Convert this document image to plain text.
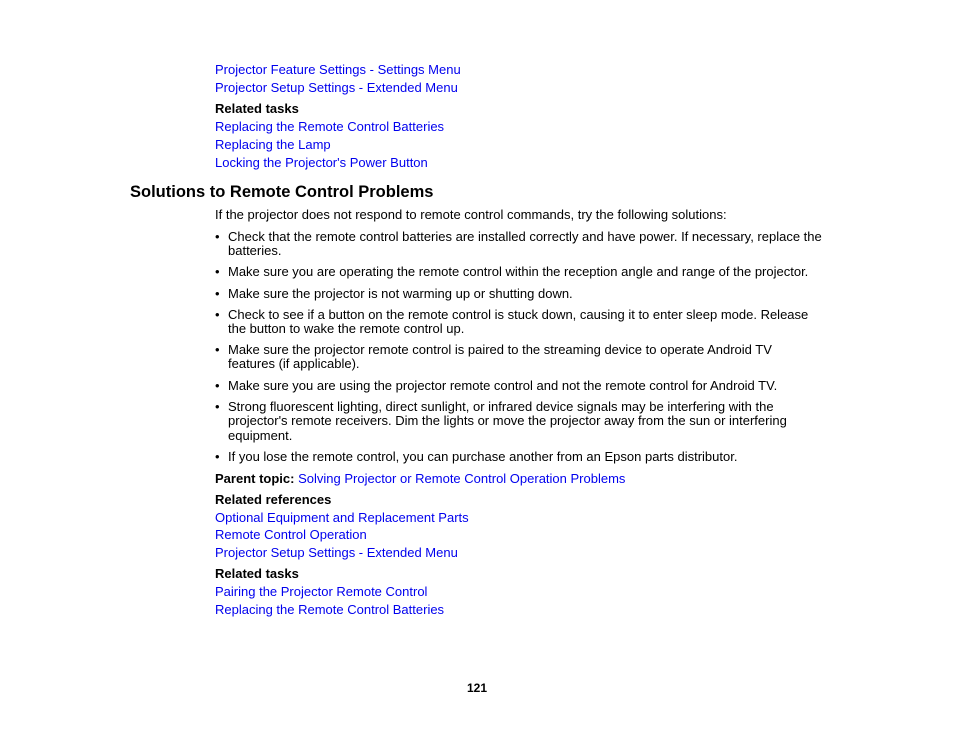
Projector Feature Settings - Settings Menu
Projector Setup Settings - Extended Menu
Related tasks
Replacing the Remote Control Batteries
Replacing the Lamp
Locking the Projector's Power Button
Solutions to Remote Control Problems
If the projector does not respond to remote control commands, try the following solutions:
• Check that the remote control batteries are installed correctly and have power. If necessary, replace the batteries.
• Make sure you are operating the remote control within the reception angle and range of the projector.
• Make sure the projector is not warming up or shutting down.
• Check to see if a button on the remote control is stuck down, causing it to enter sleep mode. Release the button to wake the remote control up.
• Make sure the projector remote control is paired to the streaming device to operate Android TV features (if applicable).
• Make sure you are using the projector remote control and not the remote control for Android TV.
• Strong fluorescent lighting, direct sunlight, or infrared device signals may be interfering with the projector's remote receivers. Dim the lights or move the projector away from the sun or interfering equipment.
• If you lose the remote control, you can purchase another from an Epson parts distributor.
Parent topic: Solving Projector or Remote Control Operation Problems
Related references
Optional Equipment and Replacement Parts
Remote Control Operation
Projector Setup Settings - Extended Menu
Related tasks
Pairing the Projector Remote Control
Replacing the Remote Control Batteries
121
